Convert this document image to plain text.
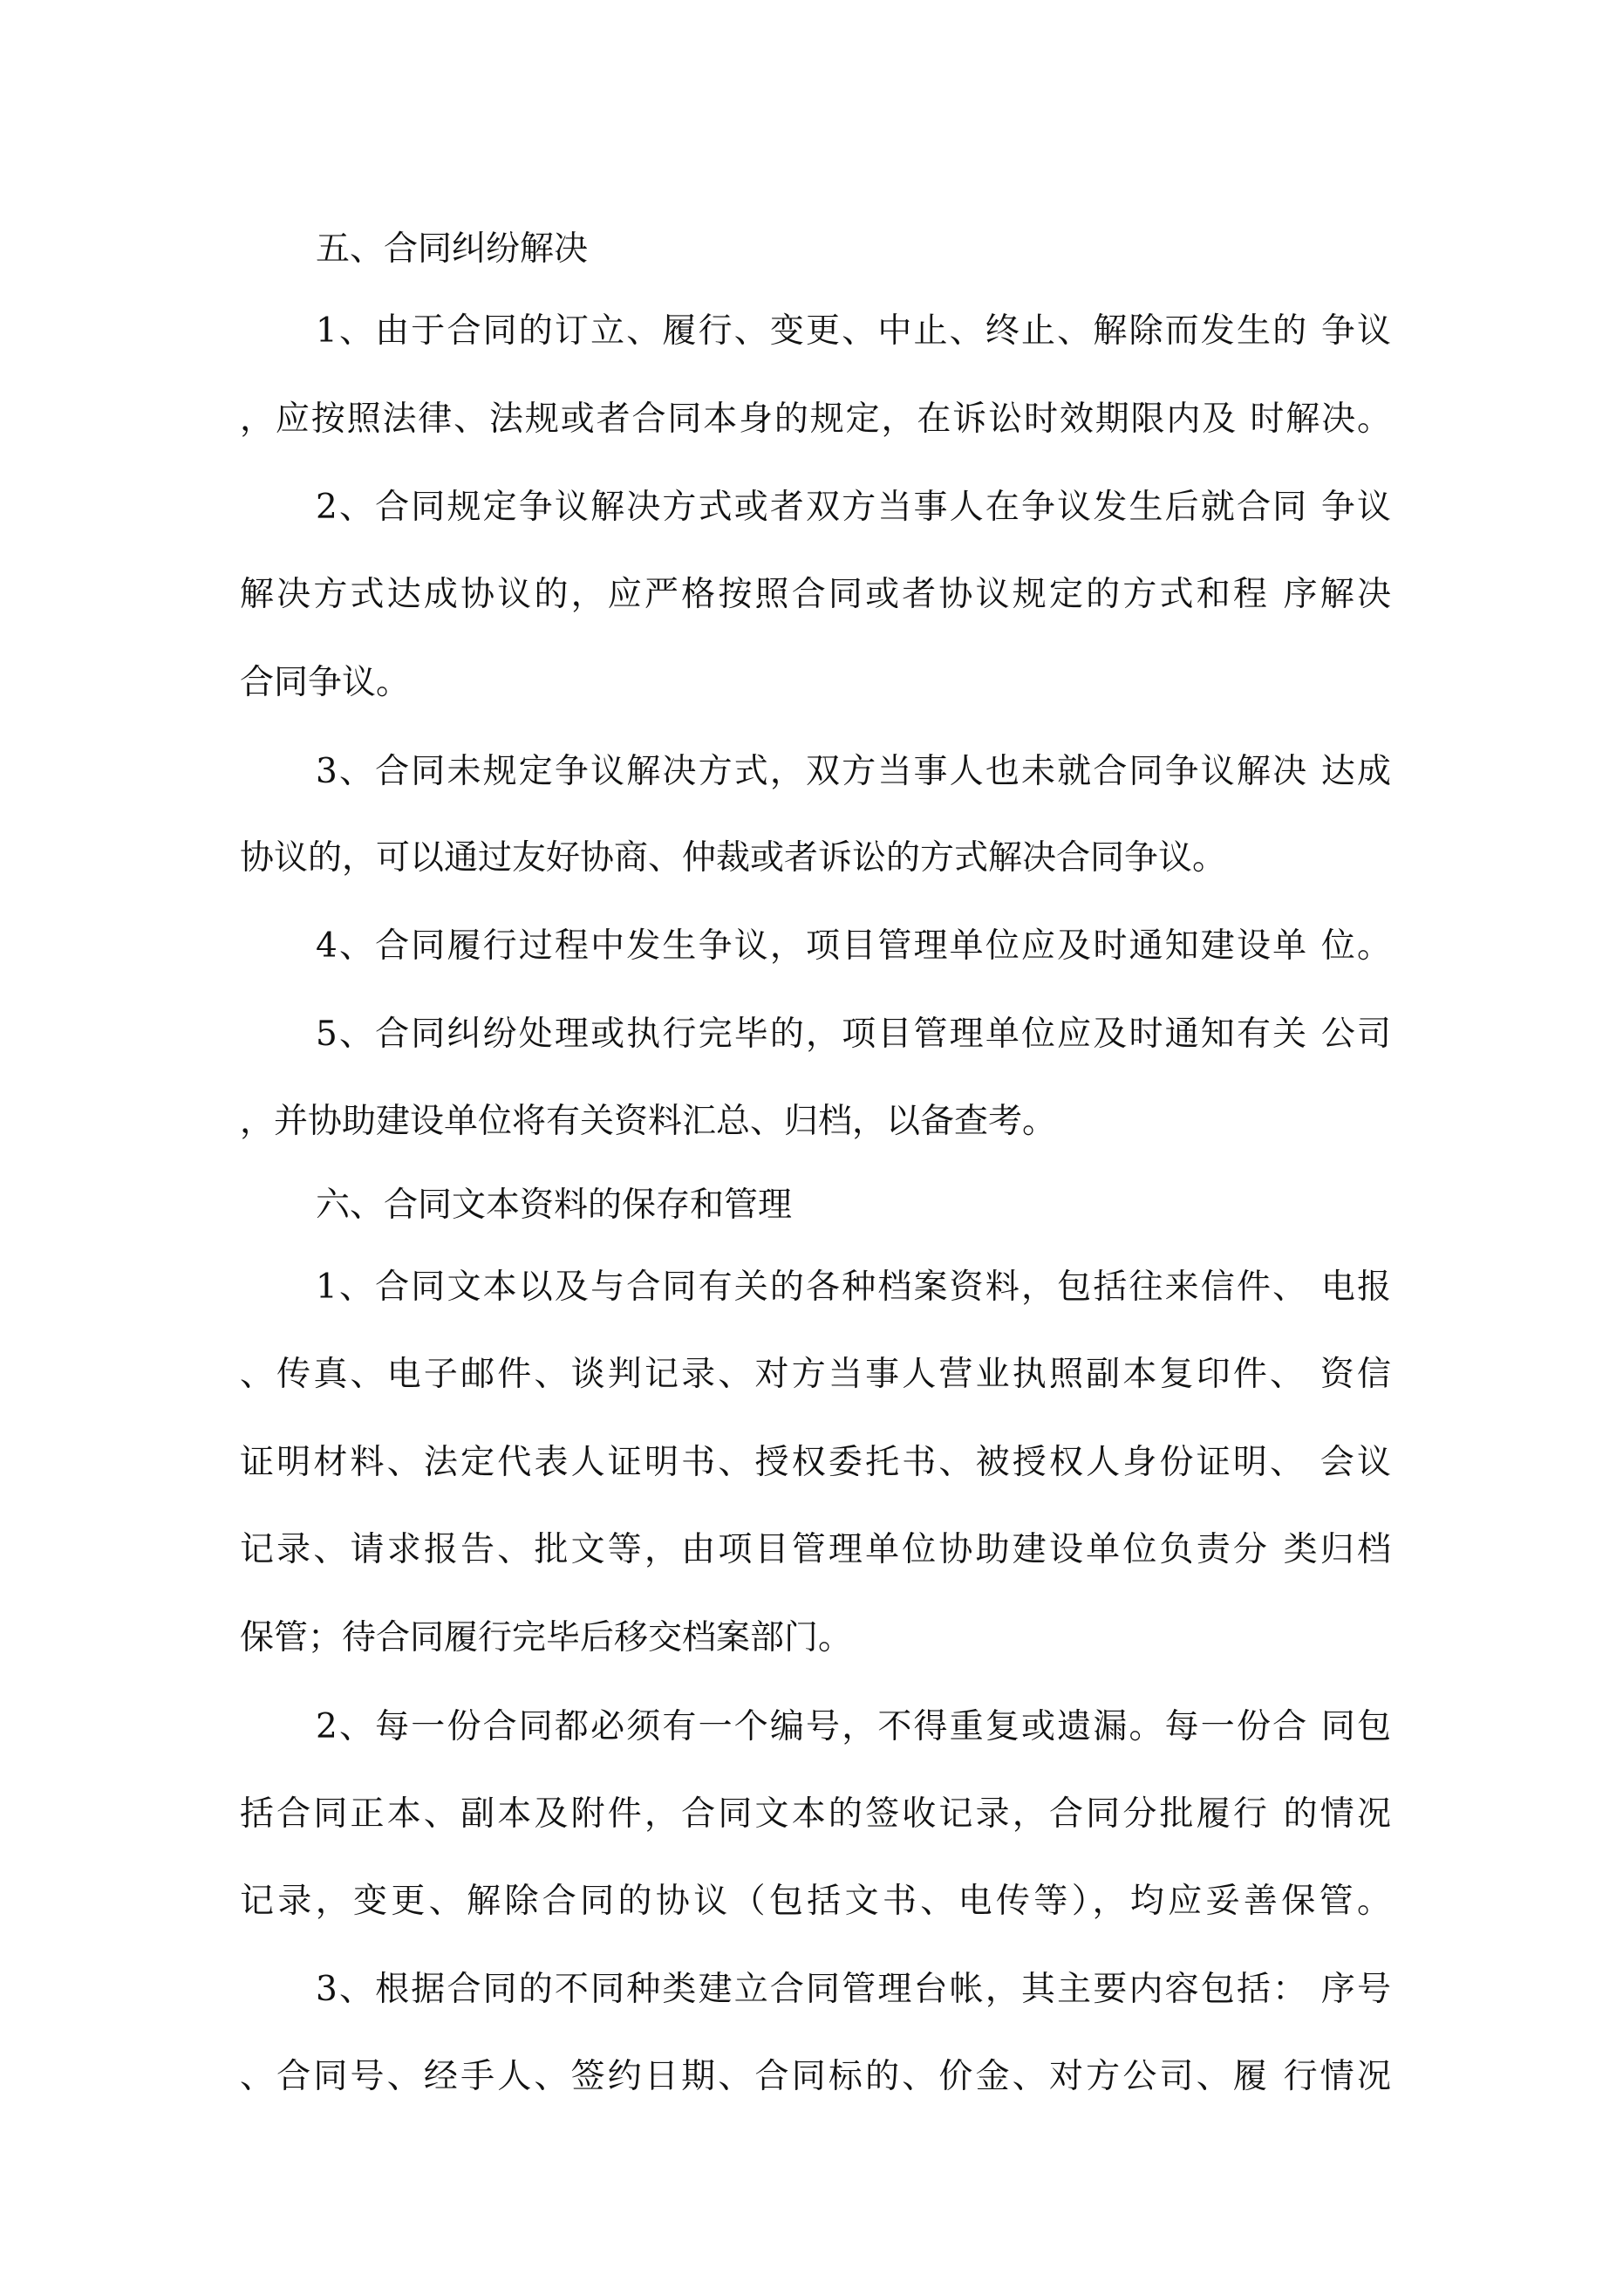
五、合同纠纷解决
1、由于合同的订立、履行、变更、中止、终止、解除而发生的 争议
，应按照法律、法规或者合同本身的规定，在诉讼时效期限内及 时解决。
2、合同规定争议解决方式或者双方当事人在争议发生后就合同 争议
解决方式达成协议的，应严格按照合同或者协议规定的方式和程 序解决
合同争议。
3、合同未规定争议解决方式，双方当事人也未就合同争议解决 达成
协议的，可以通过友好协商、仲裁或者诉讼的方式解决合同争议。
4、合同履行过程中发生争议，项目管理单位应及时通知建设单 位。
5、合同纠纷处理或执行完毕的，项目管理单位应及时通知有关 公司
，并协助建设单位将有关资料汇总、归档，以备查考。
六、合同文本资料的保存和管理
1、合同文本以及与合同有关的各种档案资料，包括往来信件、 电报
、传真、电子邮件、谈判记录、对方当事人营业执照副本复印件、 资信
证明材料、法定代表人证明书、授权委托书、被授权人身份证明、 会议
记录、请求报告、批文等，由项目管理单位协助建设单位负责分 类归档
保管；待合同履行完毕后移交档案部门。
2、每一份合同都必须有一个编号，不得重复或遗漏。每一份合 同包
括合同正本、副本及附件，合同文本的签收记录，合同分批履行 的情况
记录，变更、解除合同的协议（包括文书、电传等），均应妥善保管。
3、根据合同的不同种类建立合同管理台帐，其主要内容包括： 序号
、合同号、经手人、签约日期、合同标的、价金、对方公司、履 行情况
